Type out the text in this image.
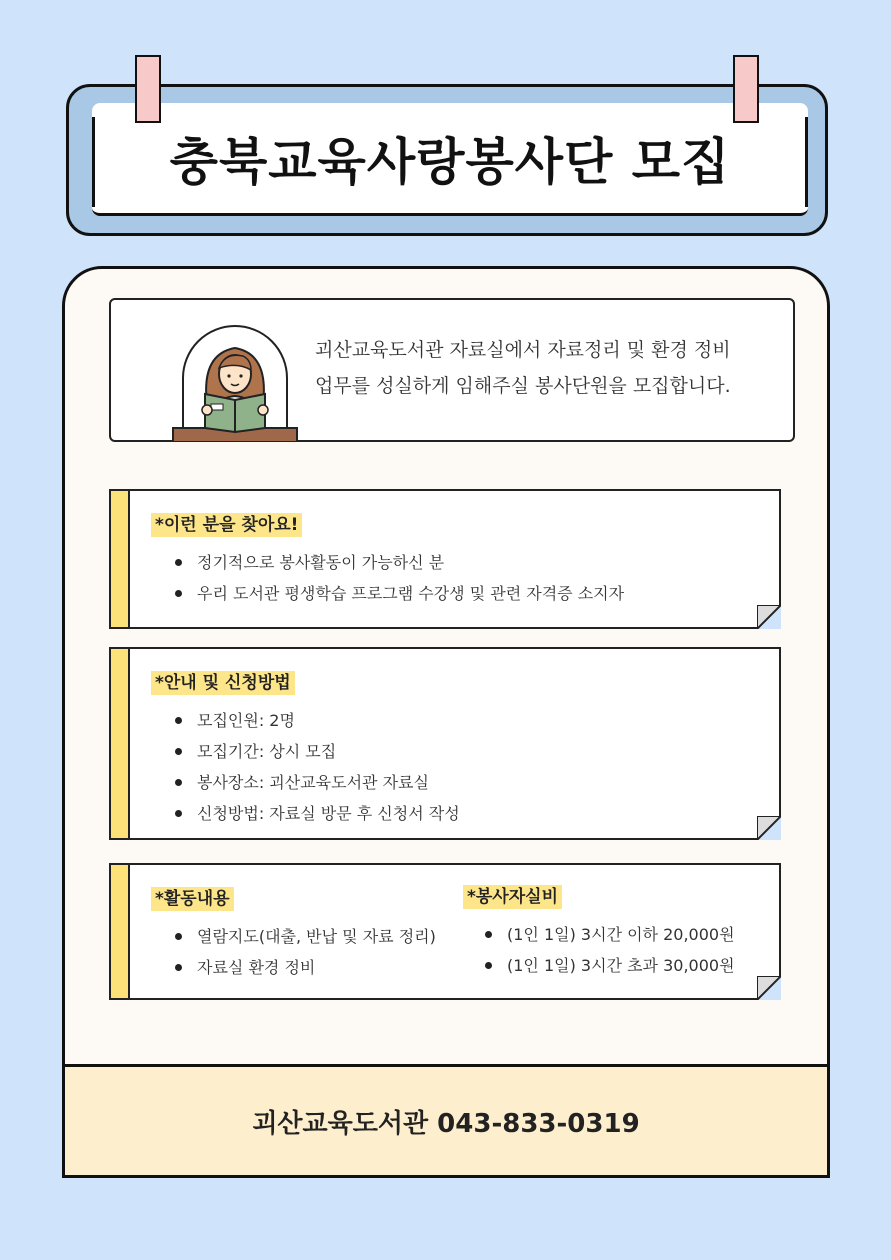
충북교육사랑봉사단 모집
괴산교육도서관 043-833-0319
괴산교육도서관 자료실에서 자료정리 및 환경 정비
업무를 성실하게 임해주실 봉사단원을 모집합니다.
*이런 분을 찾아요!
정기적으로 봉사활동이 가능하신 분
우리 도서관 평생학습 프로그램 수강생 및 관련 자격증 소지자
*안내 및 신청방법
모집인원: 2명
모집기간: 상시 모집
봉사장소: 괴산교육도서관 자료실
신청방법: 자료실 방문 후 신청서 작성
*활동내용
열람지도(대출, 반납 및 자료 정리)
자료실 환경 정비
*봉사자실비
(1인 1일) 3시간 이하 20,000원
(1인 1일) 3시간 초과 30,000원
